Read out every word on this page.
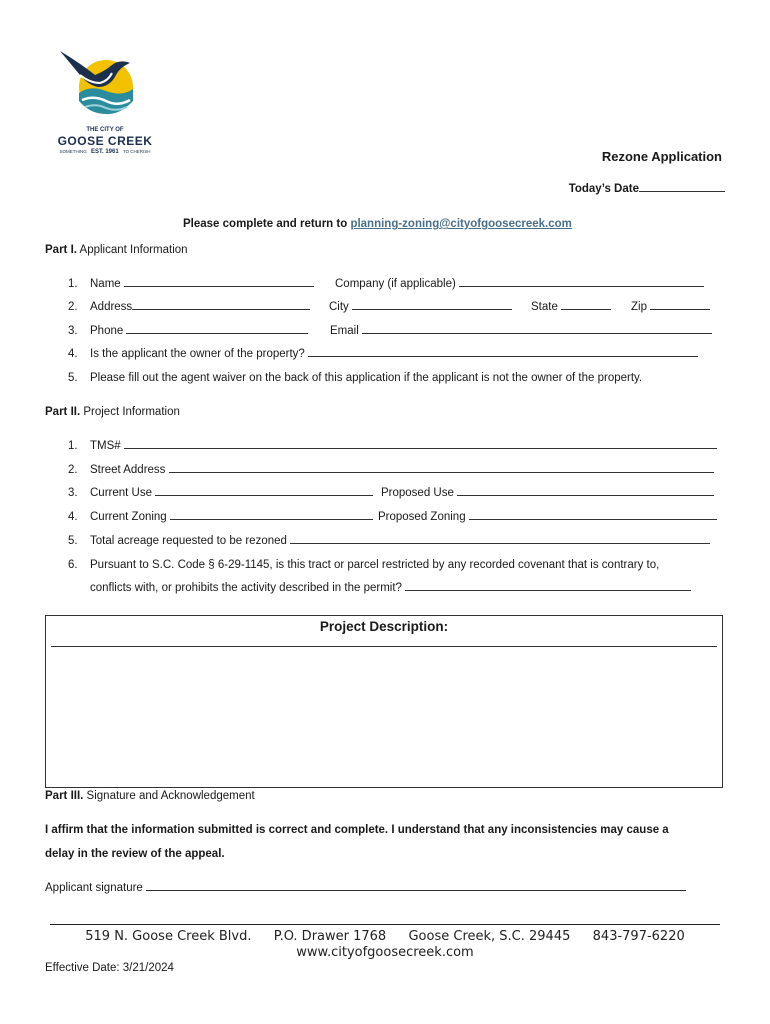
THE CITY OF
GOOSE CREEK
SOMETHING EST. 1961 TO CHERISH	Rezone Application
Today’s Date
Please complete and return to planning-zoning@cityofgoosecreek.com
Part I. Applicant Information
1. Name	Company (if applicable)
2. Address	City	State	Zip
3. Phone	Email
4. Is the applicant the owner of the property?
5. Please fill out the agent waiver on the back of this application if the applicant is not the owner of the property.
Part II. Project Information
1. TMS#
2. Street Address
3. Current Use	Proposed Use
4. Current Zoning	Proposed Zoning
5. Total acreage requested to be rezoned
6. Pursuant to S.C. Code § 6-29-1145, is this tract or parcel restricted by any recorded covenant that is contrary to,
conflicts with, or prohibits the activity described in the permit?
Project Description:
Part III. Signature and Acknowledgement
I affirm that the information submitted is correct and complete. I understand that any inconsistencies may cause a
delay in the review of the appeal.
Applicant signature
519 N. Goose Creek Blvd. P.O. Drawer 1768 Goose Creek, S.C. 29445 843-797-6220
www.cityofgoosecreek.com
Effective Date: 3/21/2024
